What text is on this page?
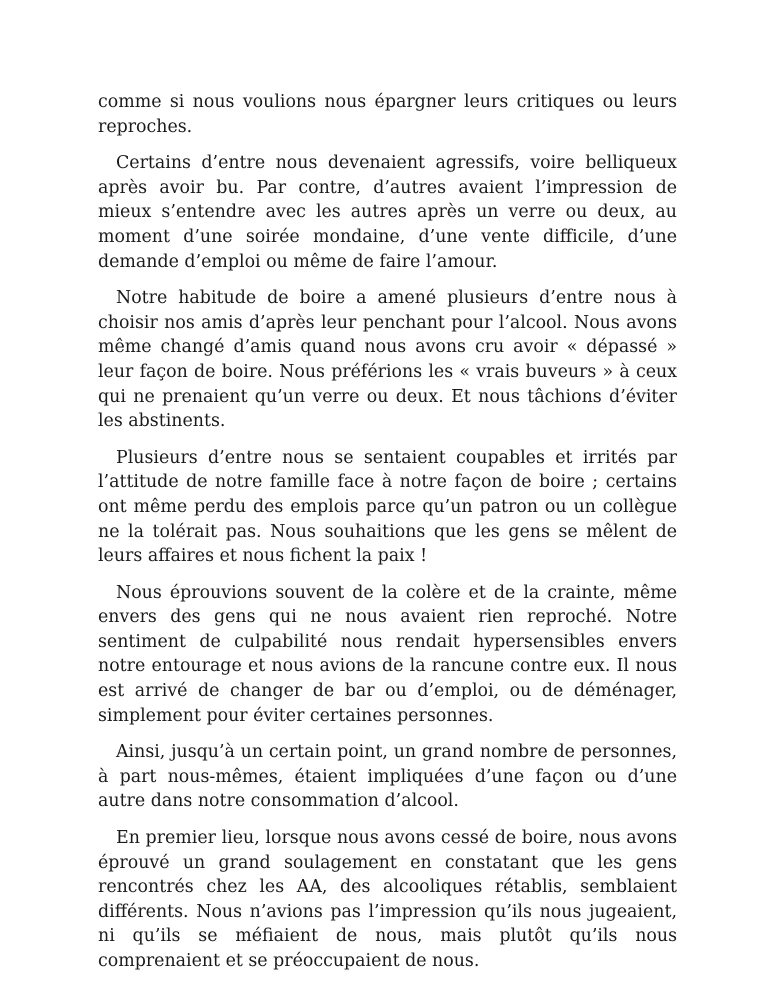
comme si nous voulions nous épargner leurs critiques ou leurs reproches.

Certains d’entre nous devenaient agressifs, voire belliqueux après avoir bu. Par contre, d’autres avaient l’impression de mieux s’entendre avec les autres après un verre ou deux, au moment d’une soirée mondaine, d’une vente difficile, d’une demande d’emploi ou même de faire l’amour.

Notre habitude de boire a amené plusieurs d’entre nous à choisir nos amis d’après leur penchant pour l’alcool. Nous avons même changé d’amis quand nous avons cru avoir « dépassé » leur façon de boire. Nous préférions les « vrais buveurs » à ceux qui ne prenaient qu’un verre ou deux. Et nous tâchions d’éviter les abstinents.

Plusieurs d’entre nous se sentaient coupables et irrités par l’attitude de notre famille face à notre façon de boire ; certains ont même perdu des emplois parce qu’un patron ou un collègue ne la tolérait pas. Nous souhaitions que les gens se mêlent de leurs affaires et nous fichent la paix !

Nous éprouvions souvent de la colère et de la crainte, même envers des gens qui ne nous avaient rien reproché. Notre sentiment de culpabilité nous rendait hypersensibles envers notre entourage et nous avions de la rancune contre eux. Il nous est arrivé de changer de bar ou d’emploi, ou de déménager, simplement pour éviter certaines personnes.

Ainsi, jusqu’à un certain point, un grand nombre de personnes, à part nous-mêmes, étaient impliquées d’une façon ou d’une autre dans notre consommation d’alcool.

En premier lieu, lorsque nous avons cessé de boire, nous avons éprouvé un grand soulagement en constatant que les gens rencontrés chez les AA, des alcooliques rétablis, semblaient différents. Nous n’avions pas l’impression qu’ils nous jugeaient, ni qu’ils se méfiaient de nous, mais plutôt qu’ils nous comprenaient et se préoccupaient de nous.
